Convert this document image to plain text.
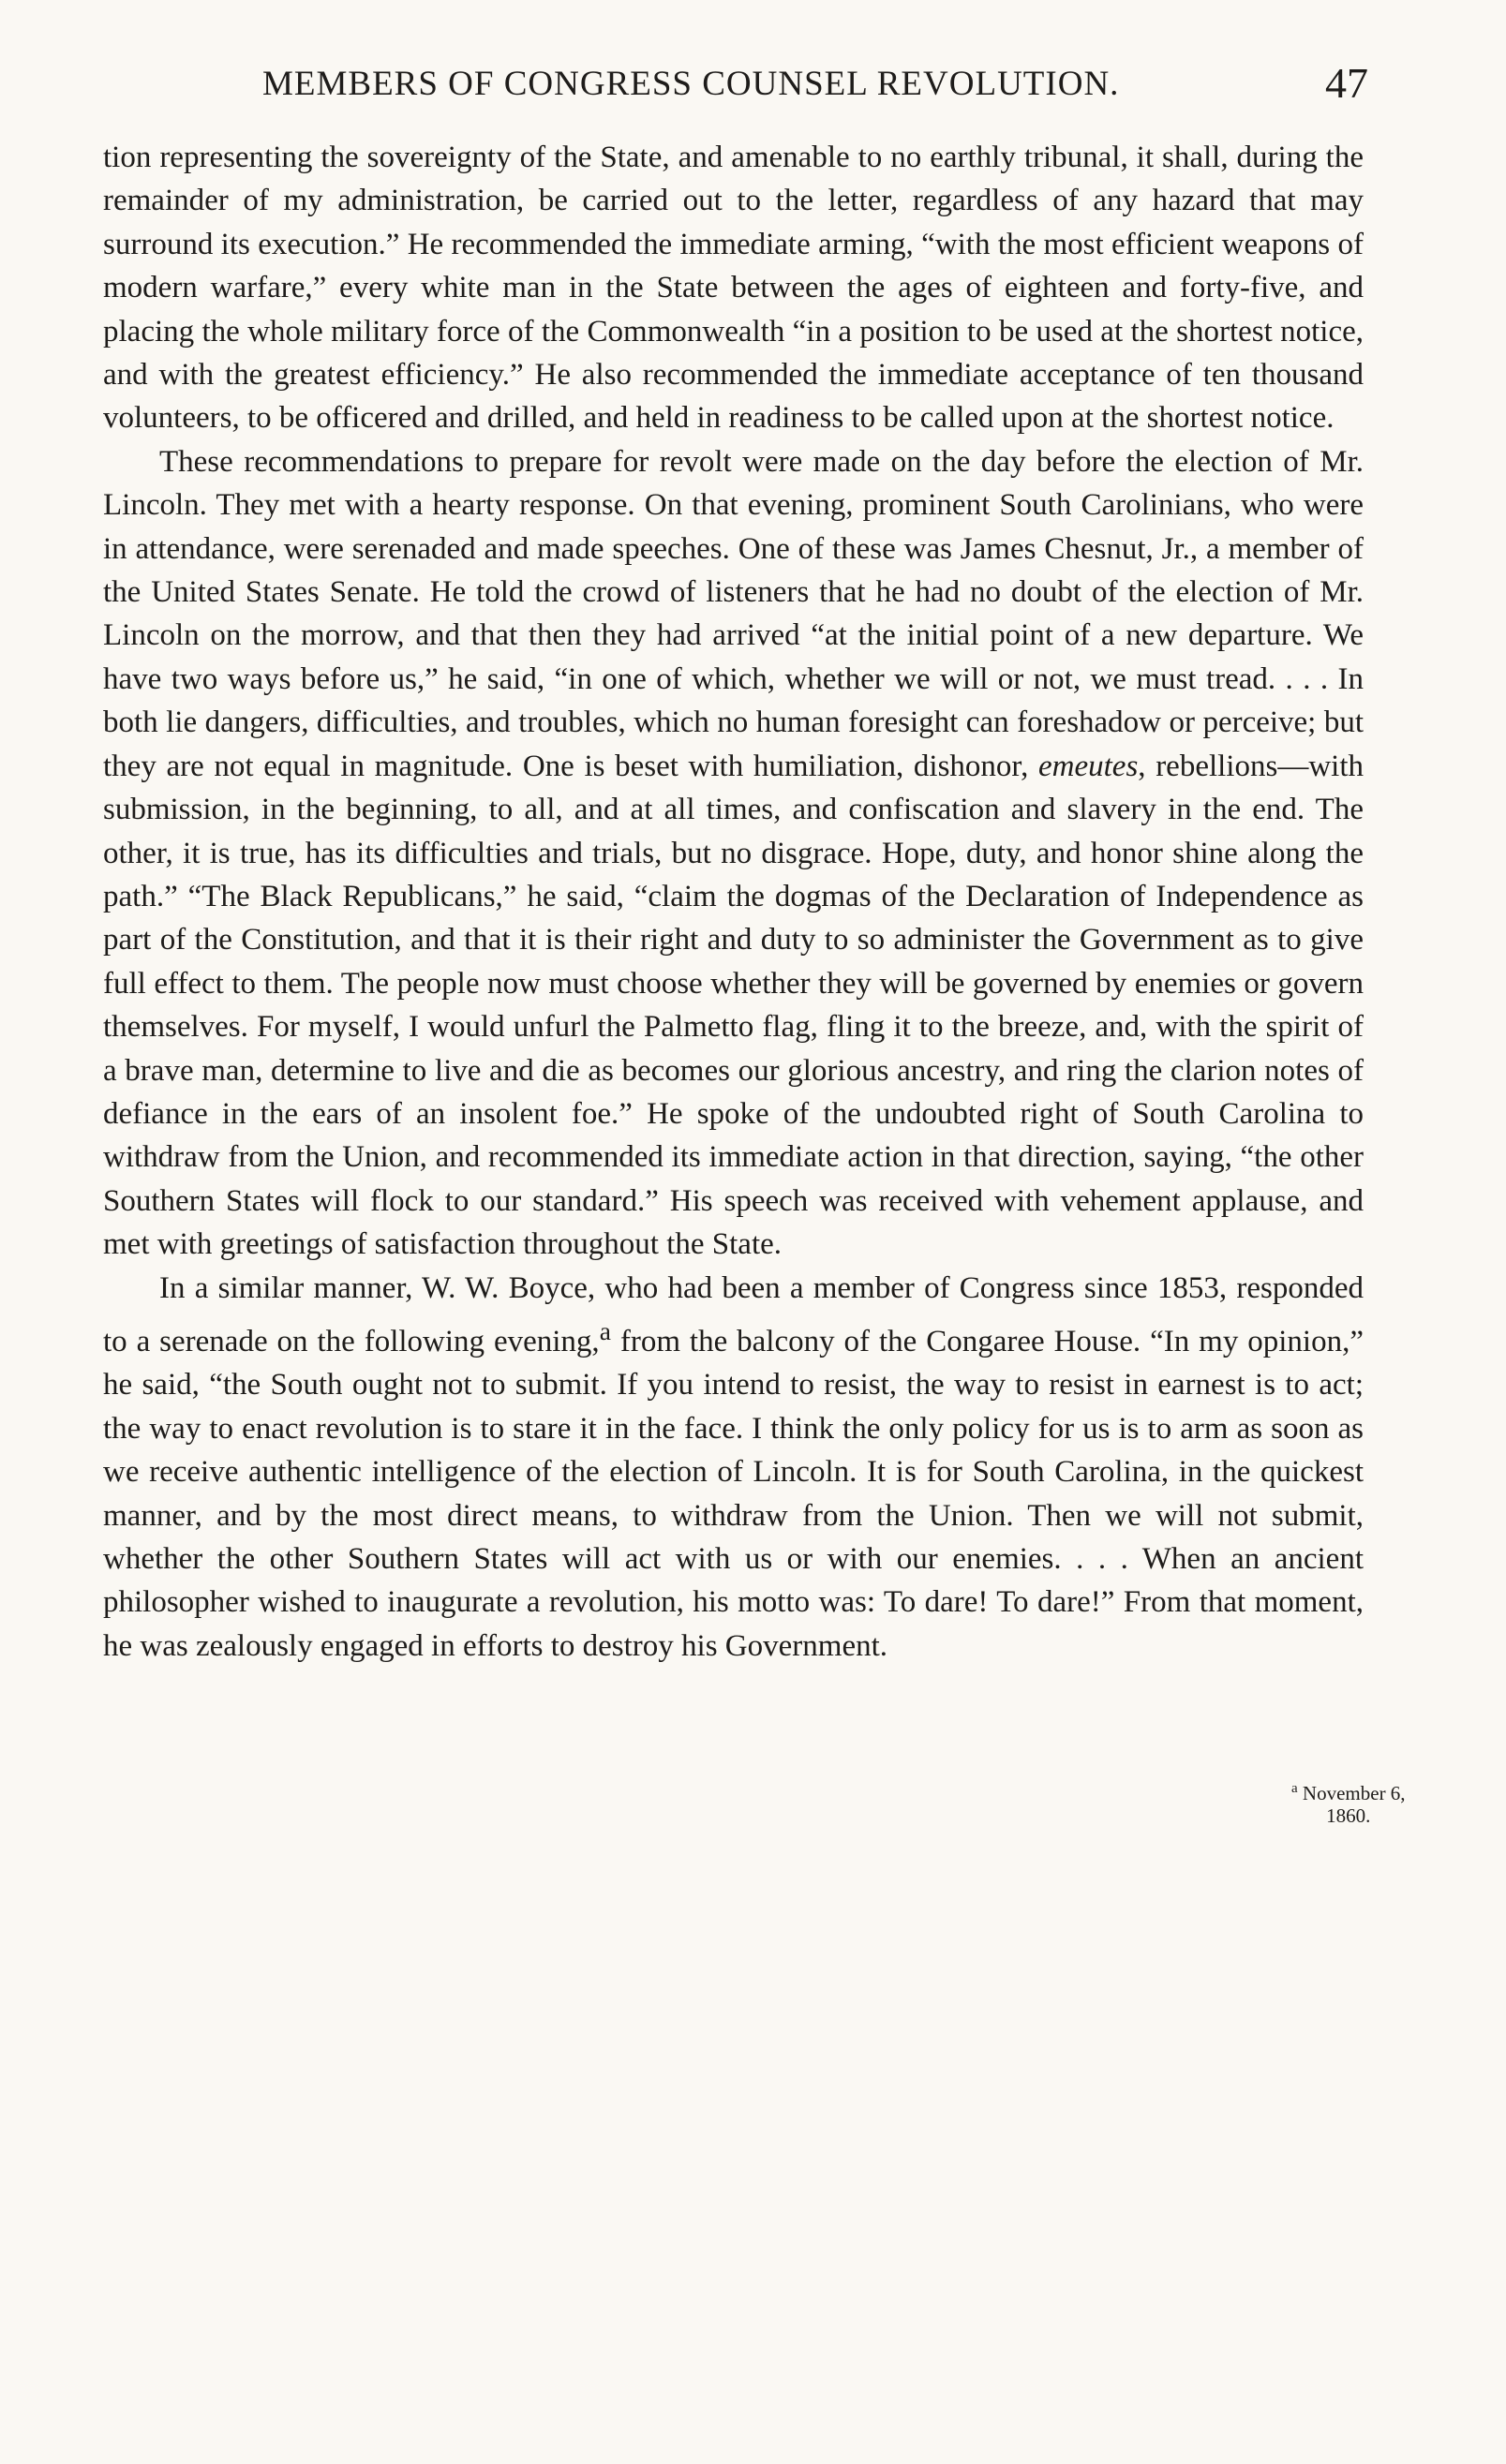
MEMBERS OF CONGRESS COUNSEL REVOLUTION.	47

tion representing the sovereignty of the State, and amenable to no earthly tribunal, it shall, during the remainder of my administration, be carried out to the letter, regardless of any hazard that may surround its execution.” He recommended the immediate arming, “with the most efficient weapons of modern warfare,” every white man in the State between the ages of eighteen and forty-five, and placing the whole military force of the Commonwealth “in a position to be used at the shortest notice, and with the greatest efficiency.” He also recommended the immediate acceptance of ten thousand volunteers, to be officered and drilled, and held in readiness to be called upon at the shortest notice.

These recommendations to prepare for revolt were made on the day before the election of Mr. Lincoln. They met with a hearty response. On that evening, prominent South Carolinians, who were in attendance, were serenaded and made speeches. One of these was James Chesnut, Jr., a member of the United States Senate. He told the crowd of listeners that he had no doubt of the election of Mr. Lincoln on the morrow, and that then they had arrived “at the initial point of a new departure. We have two ways before us,” he said, “in one of which, whether we will or not, we must tread. . . . In both lie dangers, difficulties, and troubles, which no human foresight can foreshadow or perceive; but they are not equal in magnitude. One is beset with humiliation, dishonor, emeutes, rebellions—with submission, in the beginning, to all, and at all times, and confiscation and slavery in the end. The other, it is true, has its difficulties and trials, but no disgrace. Hope, duty, and honor shine along the path.” “The Black Republicans,” he said, “claim the dogmas of the Declaration of Independence as part of the Constitution, and that it is their right and duty to so administer the Government as to give full effect to them. The people now must choose whether they will be governed by enemies or govern themselves. For myself, I would unfurl the Palmetto flag, fling it to the breeze, and, with the spirit of a brave man, determine to live and die as becomes our glorious ancestry, and ring the clarion notes of defiance in the ears of an insolent foe.” He spoke of the undoubted right of South Carolina to withdraw from the Union, and recommended its immediate action in that direction, saying, “the other Southern States will flock to our standard.” His speech was received with vehement applause, and met with greetings of satisfaction throughout the State.

In a similar manner, W. W. Boyce, who had been a member of Congress since 1853, responded to a serenade on the following evening,$^a$ from the balcony of the Congaree House. “In my opinion,” he said, “the South ought not to submit. If you intend to resist, the way to resist in earnest is to act; the way to enact revolution is to stare it in the face. I think the only policy for us is to arm as soon as we receive authentic intelligence of the election of Lincoln. It is for South Carolina, in the quickest manner, and by the most direct means, to withdraw from the Union. Then we will not submit, whether the other Southern States will act with us or with our enemies. . . . When an ancient philosopher wished to inaugurate a revolution, his motto was: To dare! To dare!” From that moment, he was zealously engaged in efforts to destroy his Government.

$^a$ November 6,
1860.
